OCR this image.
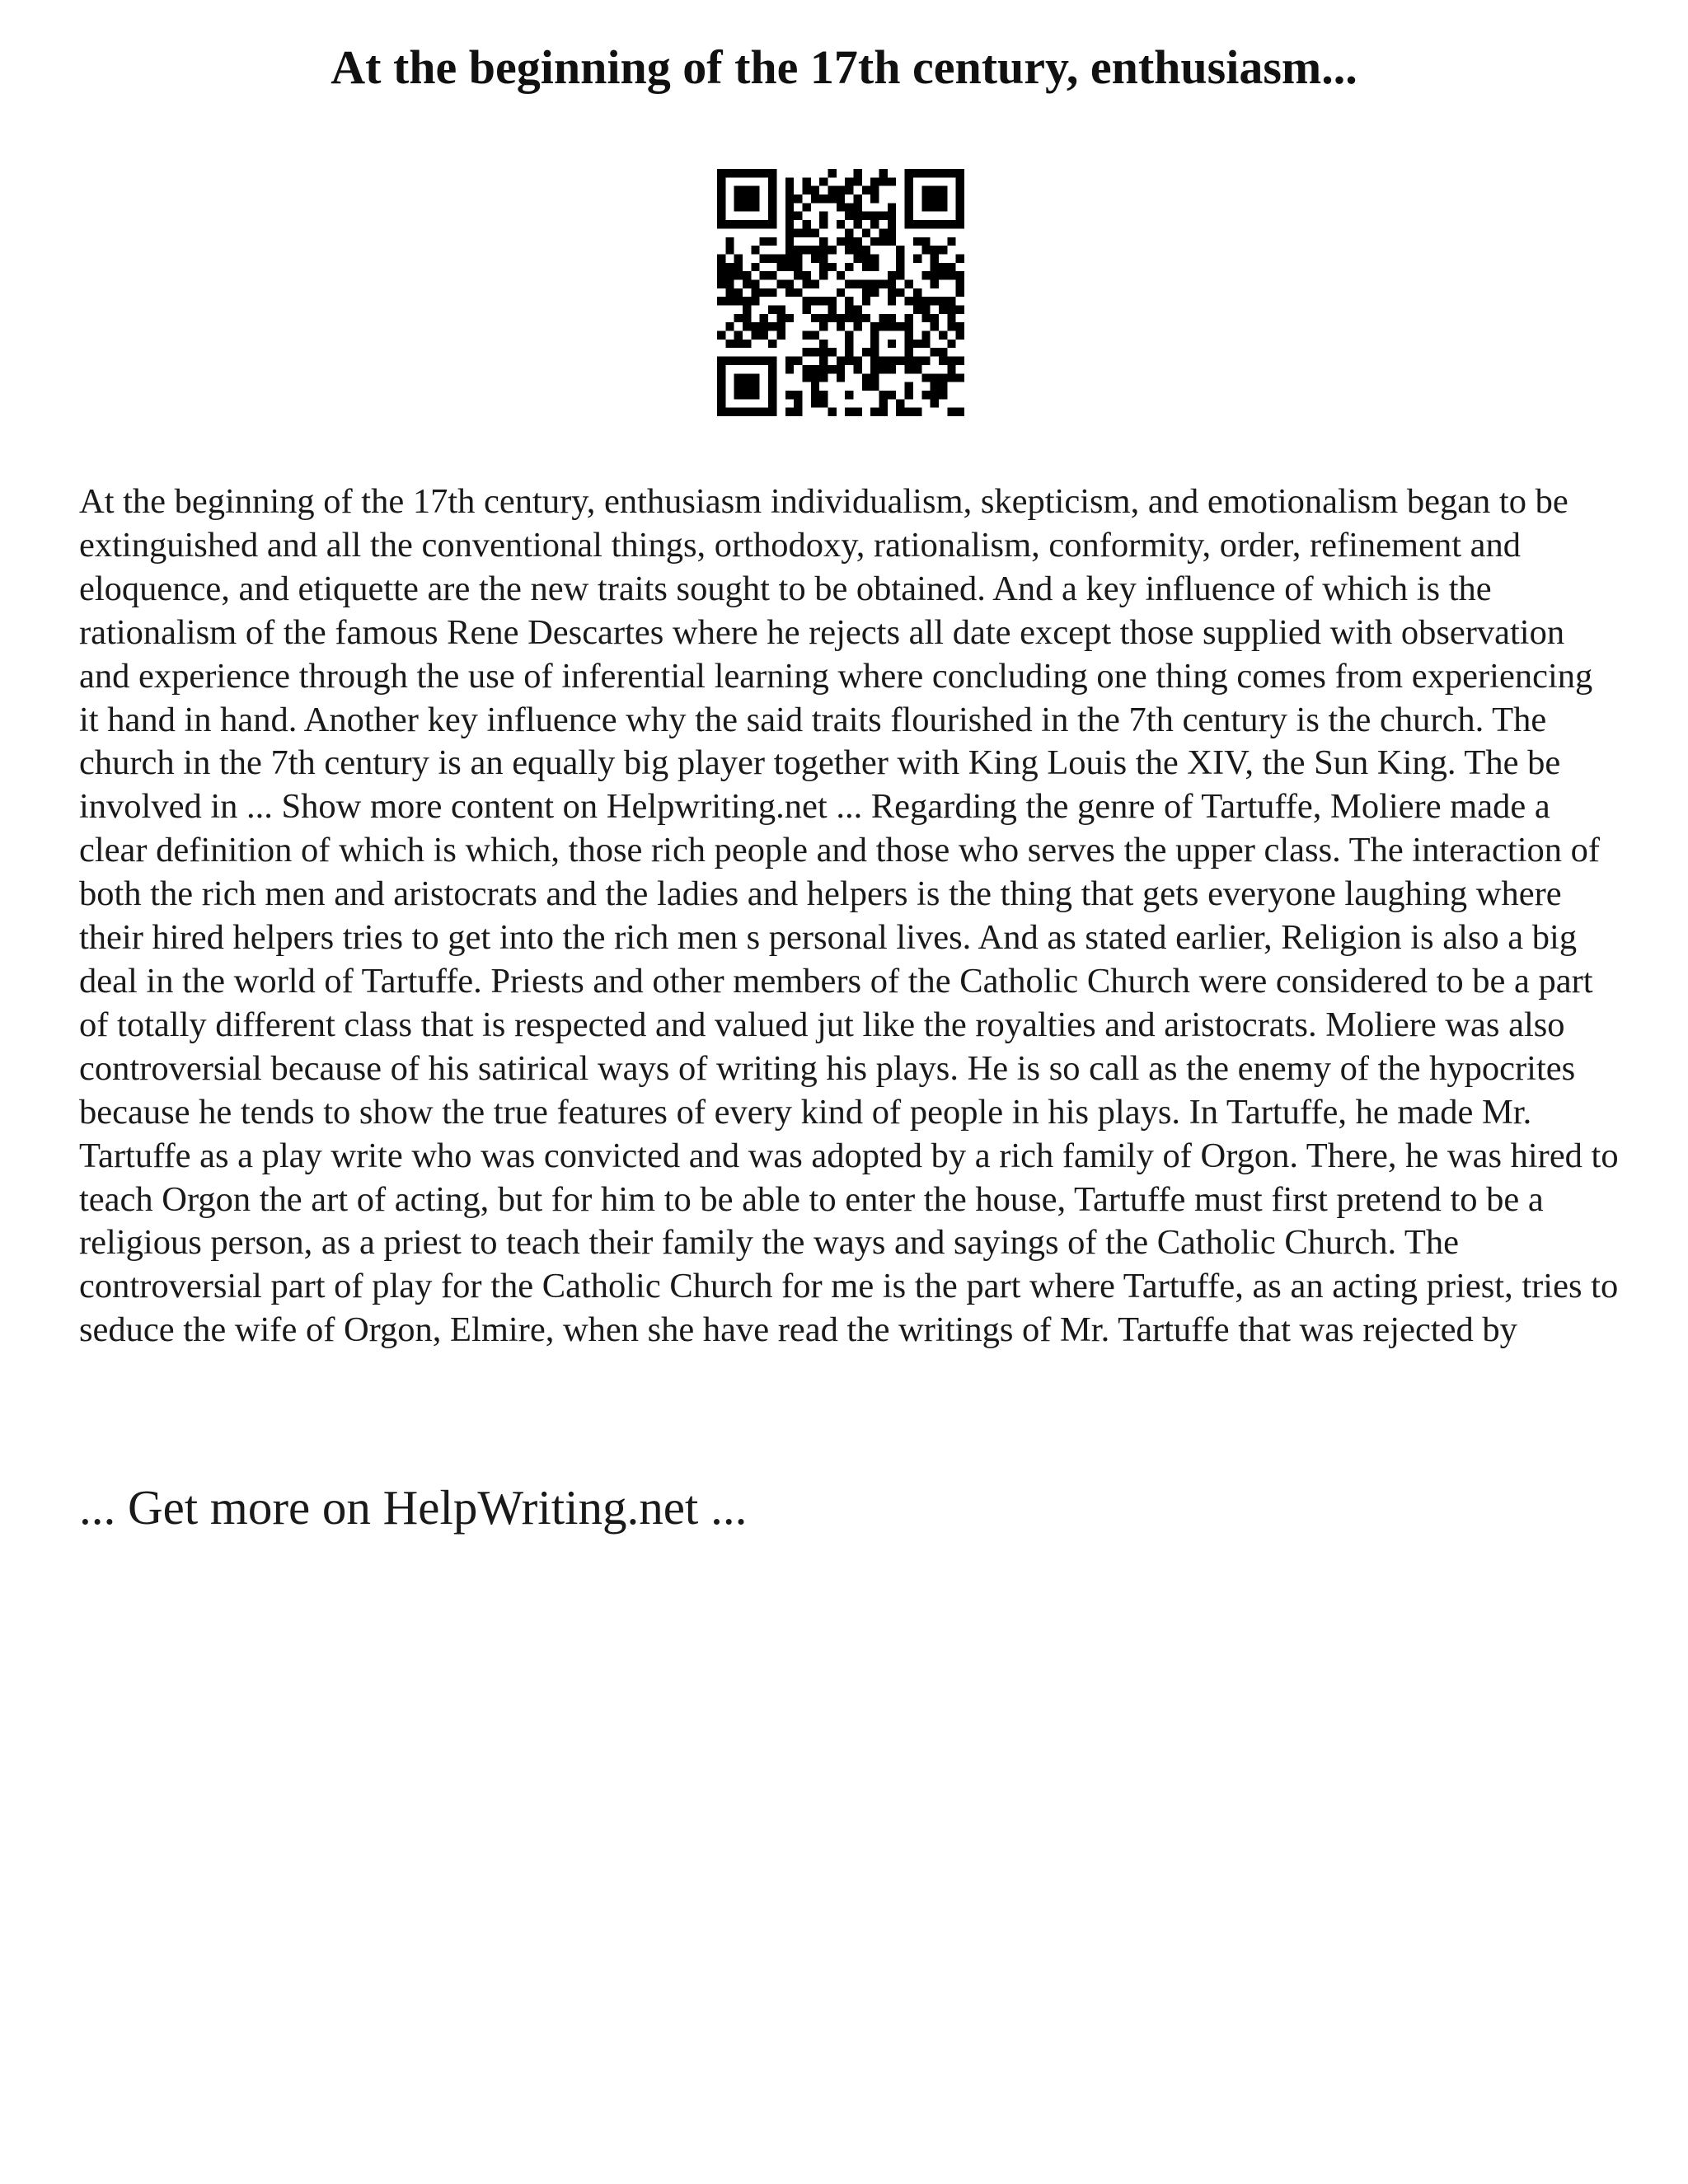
At the beginning of the 17th century, enthusiasm...

At the beginning of the 17th century, enthusiasm individualism, skepticism, and emotionalism began to be extinguished and all the conventional things, orthodoxy, rationalism, conformity, order, refinement and eloquence, and etiquette are the new traits sought to be obtained. And a key influence of which is the rationalism of the famous Rene Descartes where he rejects all date except those supplied with observation and experience through the use of inferential learning where concluding one thing comes from experiencing it hand in hand. Another key influence why the said traits flourished in the 7th century is the church. The church in the 7th century is an equally big player together with King Louis the XIV, the Sun King. The be involved in ... Show more content on Helpwriting.net ... Regarding the genre of Tartuffe, Moliere made a clear definition of which is which, those rich people and those who serves the upper class. The interaction of both the rich men and aristocrats and the ladies and helpers is the thing that gets everyone laughing where their hired helpers tries to get into the rich men s personal lives. And as stated earlier, Religion is also a big deal in the world of Tartuffe. Priests and other members of the Catholic Church were considered to be a part of totally different class that is respected and valued jut like the royalties and aristocrats. Moliere was also controversial because of his satirical ways of writing his plays. He is so call as the enemy of the hypocrites because he tends to show the true features of every kind of people in his plays. In Tartuffe, he made Mr. Tartuffe as a play write who was convicted and was adopted by a rich family of Orgon. There, he was hired to teach Orgon the art of acting, but for him to be able to enter the house, Tartuffe must first pretend to be a religious person, as a priest to teach their family the ways and sayings of the Catholic Church. The controversial part of play for the Catholic Church for me is the part where Tartuffe, as an acting priest, tries to seduce the wife of Orgon, Elmire, when she have read the writings of Mr. Tartuffe that was rejected by

... Get more on HelpWriting.net ...
